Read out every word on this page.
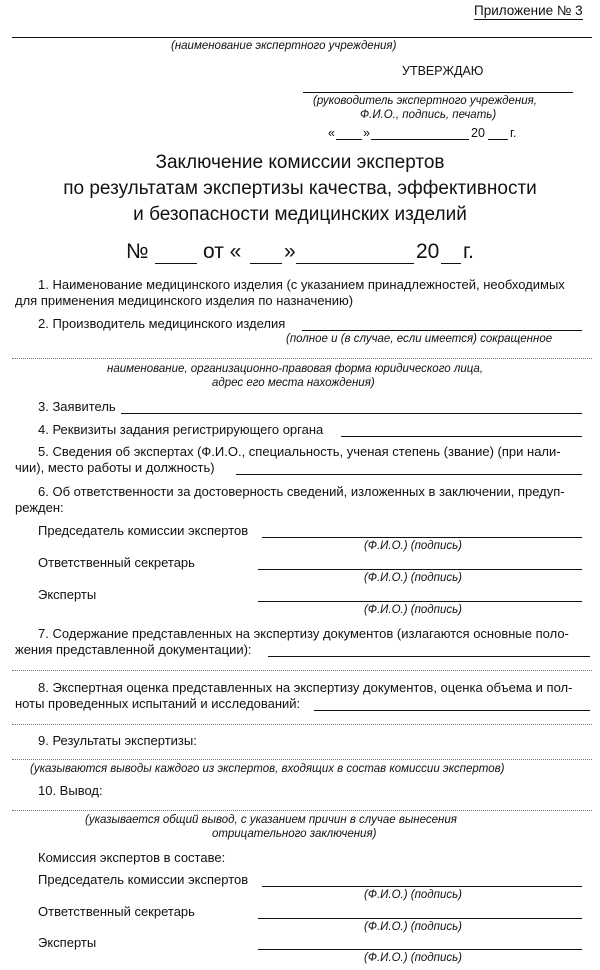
Приложение № 3
(наименование экспертного учреждения)
УТВЕРЖДАЮ
(руководитель экспертного учреждения,
Ф.И.О., подпись, печать)
« »	20 г.
Заключение комиссии экспертов
по результатам экспертизы качества, эффективности
и безопасности медицинских изделий
№	от « »	20 г.
1. Наименование медицинского изделия (с указанием принадлежностей, необходимых
для применения медицинского изделия по назначению)
2. Производитель медицинского изделия
(полное и (в случае, если имеется) сокращенное
наименование, организационно-правовая форма юридического лица,
адрес его места нахождения)
3. Заявитель
4. Реквизиты задания регистрирующего органа
5. Сведения об экспертах (Ф.И.О., специальность, ученая степень (звание) (при нали-
чии), место работы и должность)
6. Об ответственности за достоверность сведений, изложенных в заключении, предуп-
режден:
Председатель комиссии экспертов
(Ф.И.О.) (подпись)
Ответственный секретарь
(Ф.И.О.) (подпись)
Эксперты
(Ф.И.О.) (подпись)
7. Содержание представленных на экспертизу документов (излагаются основные поло-
жения представленной документации):
8. Экспертная оценка представленных на экспертизу документов, оценка объема и пол-
ноты проведенных испытаний и исследований:
9. Результаты экспертизы:
(указываются выводы каждого из экспертов, входящих в состав комиссии экспертов)
10. Вывод:
(указывается общий вывод, с указанием причин в случае вынесения
отрицательного заключения)
Комиссия экспертов в составе:
Председатель комиссии экспертов
(Ф.И.О.) (подпись)
Ответственный секретарь
(Ф.И.О.) (подпись)
Эксперты
(Ф.И.О.) (подпись)
